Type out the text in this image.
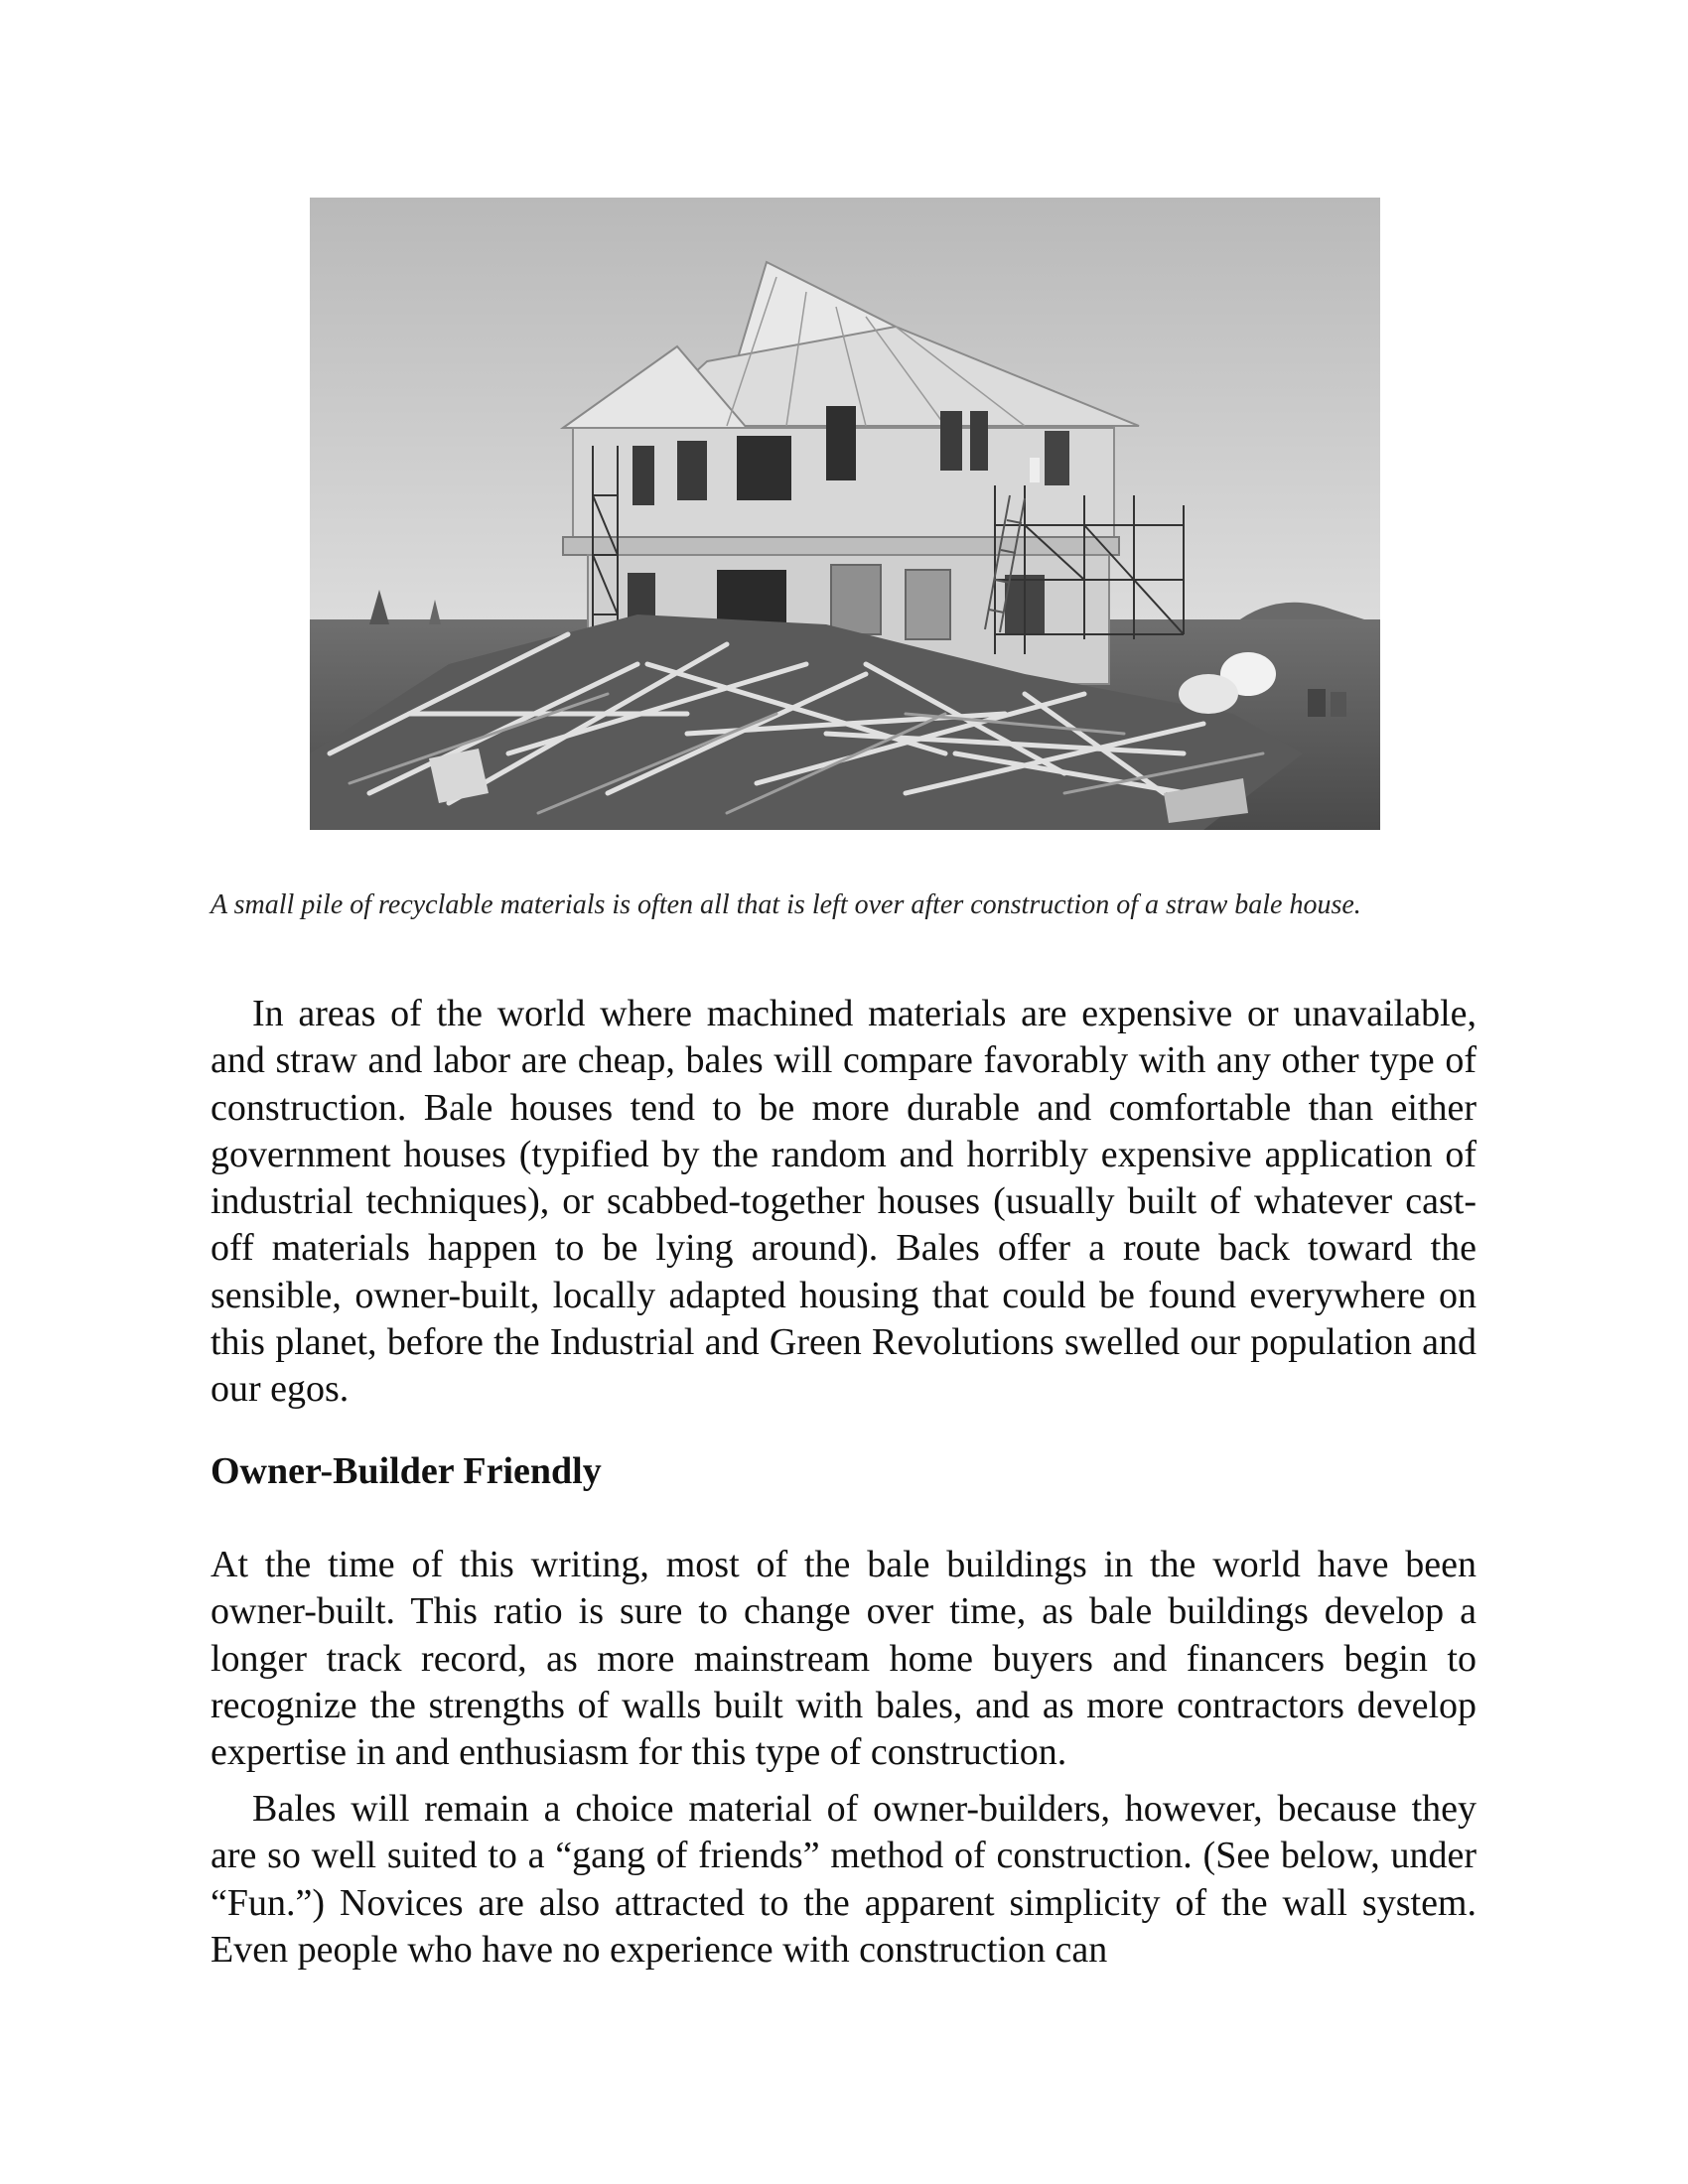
A small pile of recyclable materials is often all that is left over after construction of a straw bale house.

In areas of the world where machined materials are expensive or unavailable, and straw and labor are cheap, bales will compare favorably with any other type of construction. Bale houses tend to be more durable and comfortable than either government houses (typified by the random and horribly expensive application of industrial techniques), or scabbed-together houses (usually built of whatever cast-off materials happen to be lying around). Bales offer a route back toward the sensible, owner-built, locally adapted housing that could be found everywhere on this planet, before the Industrial and Green Revolutions swelled our population and our egos.

Owner-Builder Friendly

At the time of this writing, most of the bale buildings in the world have been owner-built. This ratio is sure to change over time, as bale buildings develop a longer track record, as more mainstream home buyers and financers begin to recognize the strengths of walls built with bales, and as more contractors develop expertise in and enthusiasm for this type of construction.

Bales will remain a choice material of owner-builders, however, because they are so well suited to a “gang of friends” method of construction. (See below, under “Fun.”) Novices are also attracted to the apparent simplicity of the wall system. Even people who have no experience with construction can
